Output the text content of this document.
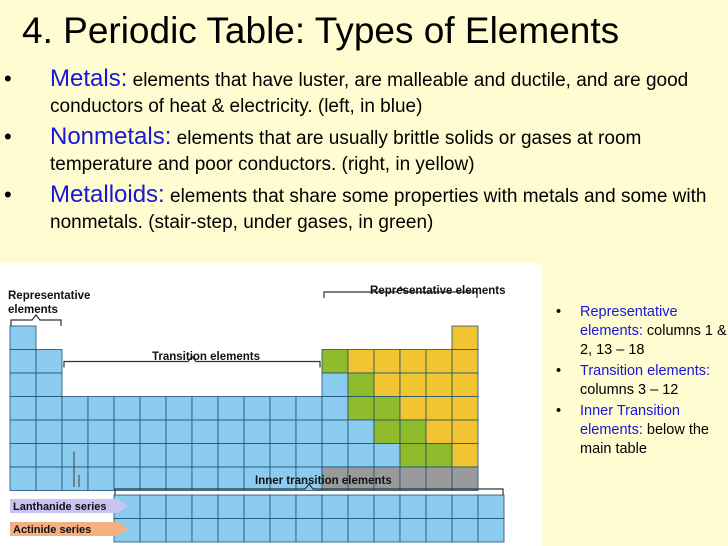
4. Periodic Table: Types of Elements
• Metals: elements that have luster, are malleable and ductile, and are good conductors of heat & electricity. (left, in blue)
• Nonmetals: elements that are usually brittle solids or gases at room temperature and poor conductors. (right, in yellow)
• Metalloids: elements that share some properties with metals and some with nonmetals. (stair-step, under gases, in green)
Representative
elements
Representative elements
Transition elements
Inner transition elements
Lanthanide series
Actinide series
• Representative elements: columns 1 & 2, 13 – 18
• Transition elements: columns 3 – 12
• Inner Transition elements: below the main table
